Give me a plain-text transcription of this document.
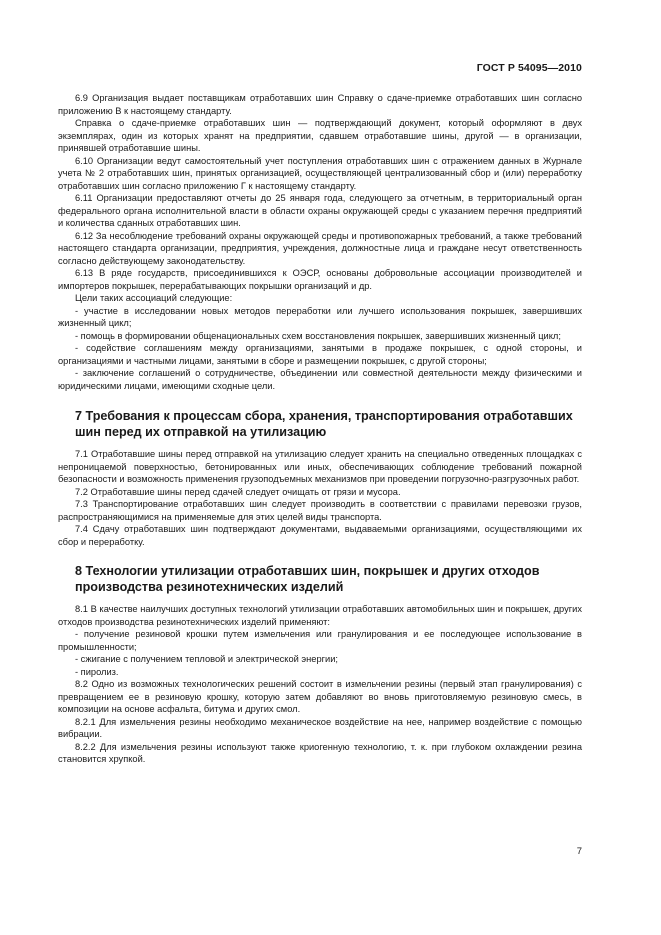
ГОСТ Р 54095—2010

6.9 Организация выдает поставщикам отработавших шин Справку о сдаче-приемке отработавших шин согласно приложению В к настоящему стандарту.

Справка о сдаче-приемке отработавших шин — подтверждающий документ, который оформляют в двух экземплярах, один из которых хранят на предприятии, сдавшем отработавшие шины, другой — в организации, принявшей отработавшие шины.

6.10 Организации ведут самостоятельный учет поступления отработавших шин с отражением данных в Журнале учета № 2 отработавших шин, принятых организацией, осуществляющей централизованный сбор и (или) переработку отработавших шин согласно приложению Г к настоящему стандарту.

6.11 Организации предоставляют отчеты до 25 января года, следующего за отчетным, в территориальный орган федерального органа исполнительной власти в области охраны окружающей среды с указанием перечня предприятий и количества сданных отработавших шин.

6.12 За несоблюдение требований охраны окружающей среды и противопожарных требований, а также требований настоящего стандарта организации, предприятия, учреждения, должностные лица и граждане несут ответственность согласно действующему законодательству.

6.13 В ряде государств, присоединившихся к ОЭСР, основаны добровольные ассоциации производителей и импортеров покрышек, перерабатывающих покрышки организаций и др.

Цели таких ассоциаций следующие:

- участие в исследовании новых методов переработки или лучшего использования покрышек, завершивших жизненный цикл;

- помощь в формировании общенациональных схем восстановления покрышек, завершивших жизненный цикл;

- содействие соглашениям между организациями, занятыми в продаже покрышек, с одной стороны, и организациями и частными лицами, занятыми в сборе и размещении покрышек, с другой стороны;

- заключение соглашений о сотрудничестве, объединении или совместной деятельности между физическими и юридическими лицами, имеющими сходные цели.

7 Требования к процессам сбора, хранения, транспортирования отработавших шин перед их отправкой на утилизацию

7.1 Отработавшие шины перед отправкой на утилизацию следует хранить на специально отведенных площадках с непроницаемой поверхностью, бетонированных или иных, обеспечивающих соблюдение требований пожарной безопасности и возможность применения грузоподъемных механизмов при проведении погрузочно-разгрузочных работ.

7.2 Отработавшие шины перед сдачей следует очищать от грязи и мусора.

7.3 Транспортирование отработавших шин следует производить в соответствии с правилами перевозки грузов, распространяющимися на применяемые для этих целей виды транспорта.

7.4 Сдачу отработавших шин подтверждают документами, выдаваемыми организациями, осуществляющими их сбор и переработку.

8 Технологии утилизации отработавших шин, покрышек и других отходов производства резинотехнических изделий

8.1 В качестве наилучших доступных технологий утилизации отработавших автомобильных шин и покрышек, других отходов производства резинотехнических изделий применяют:

- получение резиновой крошки путем измельчения или гранулирования и ее последующее использование в промышленности;

- сжигание с получением тепловой и электрической энергии;

- пиролиз.

8.2 Одно из возможных технологических решений состоит в измельчении резины (первый этап гранулирования) с превращением ее в резиновую крошку, которую затем добавляют во вновь приготовляемую резиновую смесь, в композиции на основе асфальта, битума и других смол.

8.2.1 Для измельчения резины необходимо механическое воздействие на нее, например воздействие с помощью вибрации.

8.2.2 Для измельчения резины используют также криогенную технологию, т. к. при глубоком охлаждении резина становится хрупкой.

7
